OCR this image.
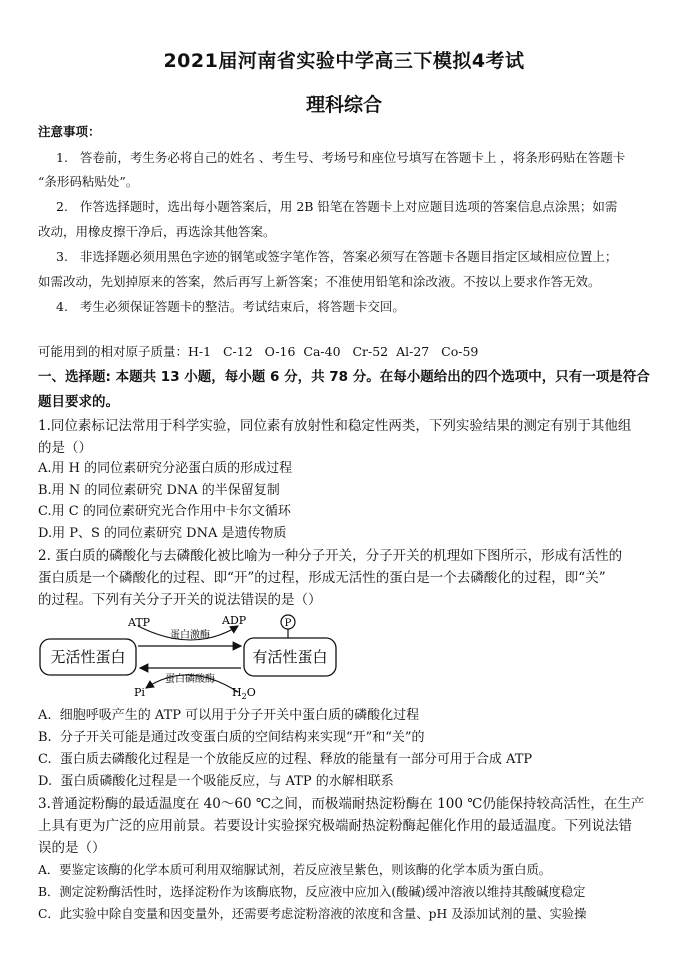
2021届河南省实验中学高三下模拟4考试
理科综合
注意事项：
1.   答卷前，考生务必将自己的姓名 、考生号、考场号和座位号填写在答题卡上 ，将条形码贴在答题卡
“条形码粘贴处”。
2.   作答选择题时，选出每小题答案后，用 2B 铅笔在答题卡上对应题目选项的答案信息点涂黑；如需
改动，用橡皮擦干净后，再选涂其他答案。
3.   非选择题必须用黑色字迹的钢笔或签字笔作答，答案必须写在答题卡各题目指定区域相应位置上；
如需改动，先划掉原来的答案，然后再写上新答案；不准使用铅笔和涂改液。不按以上要求作答无效。
4.   考生必须保证答题卡的整洁。考试结束后，将答题卡交回。
可能用到的相对原子质量：H-1   C-12   O-16  Ca-40   Cr-52  Al-27   Co-59
一、选择题: 本题共 13 小题，每小题 6 分，共 78 分。在每小题给出的四个选项中，只有一项是符合
题目要求的。
1.同位素标记法常用于科学实验，同位素有放射性和稳定性两类，下列实验结果的测定有别于其他组
的是（）
A.用 H 的同位素研究分泌蛋白质的形成过程
B.用 N 的同位素研究 DNA 的半保留复制
C.用 C 的同位素研究光合作用中卡尔文循环
D.用 P、S 的同位素研究 DNA 是遗传物质
2. 蛋白质的磷酸化与去磷酸化被比喻为一种分子开关，分子开关的机理如下图所示，形成有活性的
蛋白质是一个磷酸化的过程、即“开”的过程，形成无活性的蛋白是一个去磷酸化的过程，即“关”
的过程。下列有关分子开关的说法错误的是（）
无活性蛋白	有活性蛋白
P
ATP	ADP
蛋白激酶
蛋白磷酸酶
Pi	$H_2O$
A.  细胞呼吸产生的 ATP 可以用于分子开关中蛋白质的磷酸化过程
B.  分子开关可能是通过改变蛋白质的空间结构来实现“开”和“关”的
C.  蛋白质去磷酸化过程是一个放能反应的过程、释放的能量有一部分可用于合成 ATP
D.  蛋白质磷酸化过程是一个吸能反应，与 ATP 的水解相联系
3.普通淀粉酶的最适温度在 40～60 ℃之间，而极端耐热淀粉酶在 100 ℃仍能保持较高活性，在生产
上具有更为广泛的应用前景。若要设计实验探究极端耐热淀粉酶起催化作用的最适温度。下列说法错
误的是（）
A．要鉴定该酶的化学本质可利用双缩脲试剂，若反应液呈紫色，则该酶的化学本质为蛋白质。
B．测定淀粉酶活性时，选择淀粉作为该酶底物，反应液中应加入(酸碱)缓冲溶液以维持其酸碱度稳定
C．此实验中除自变量和因变量外，还需要考虑淀粉溶液的浓度和含量、pH 及添加试剂的量、实验操
